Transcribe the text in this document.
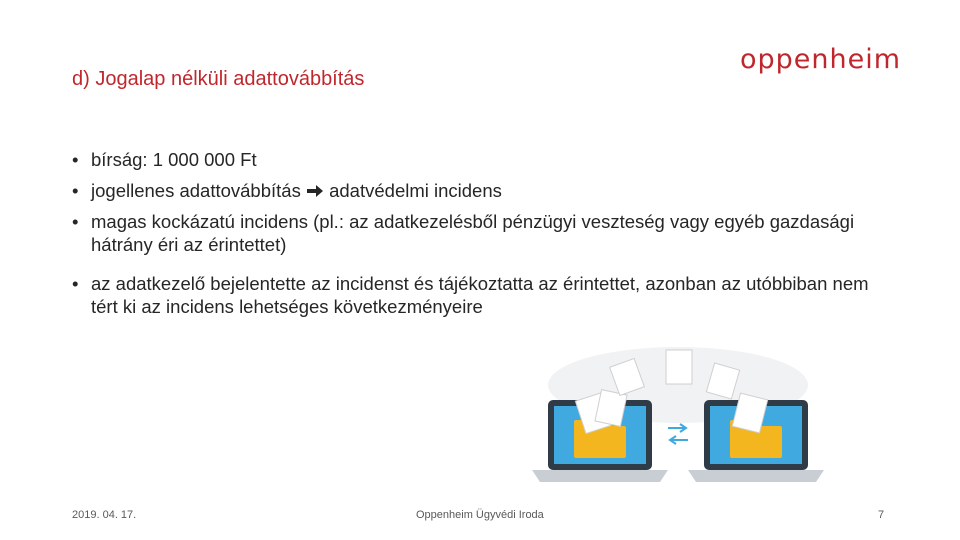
d) Jogalap nélküli adattovábbítás
oppenheim
• bírság: 1 000 000 Ft
• jogellenes adattovábbítás adatvédelmi incidens
• magas kockázatú incidens (pl.: az adatkezelésből pénzügyi veszteség vagy egyéb gazdasági hátrány éri az érintettet)
• az adatkezelő bejelentette az incidenst és tájékoztatta az érintettet, azonban az utóbbiban nem tért ki az incidens lehetséges következményeire
2019. 04. 17.	Oppenheim Ügyvédi Iroda	7
